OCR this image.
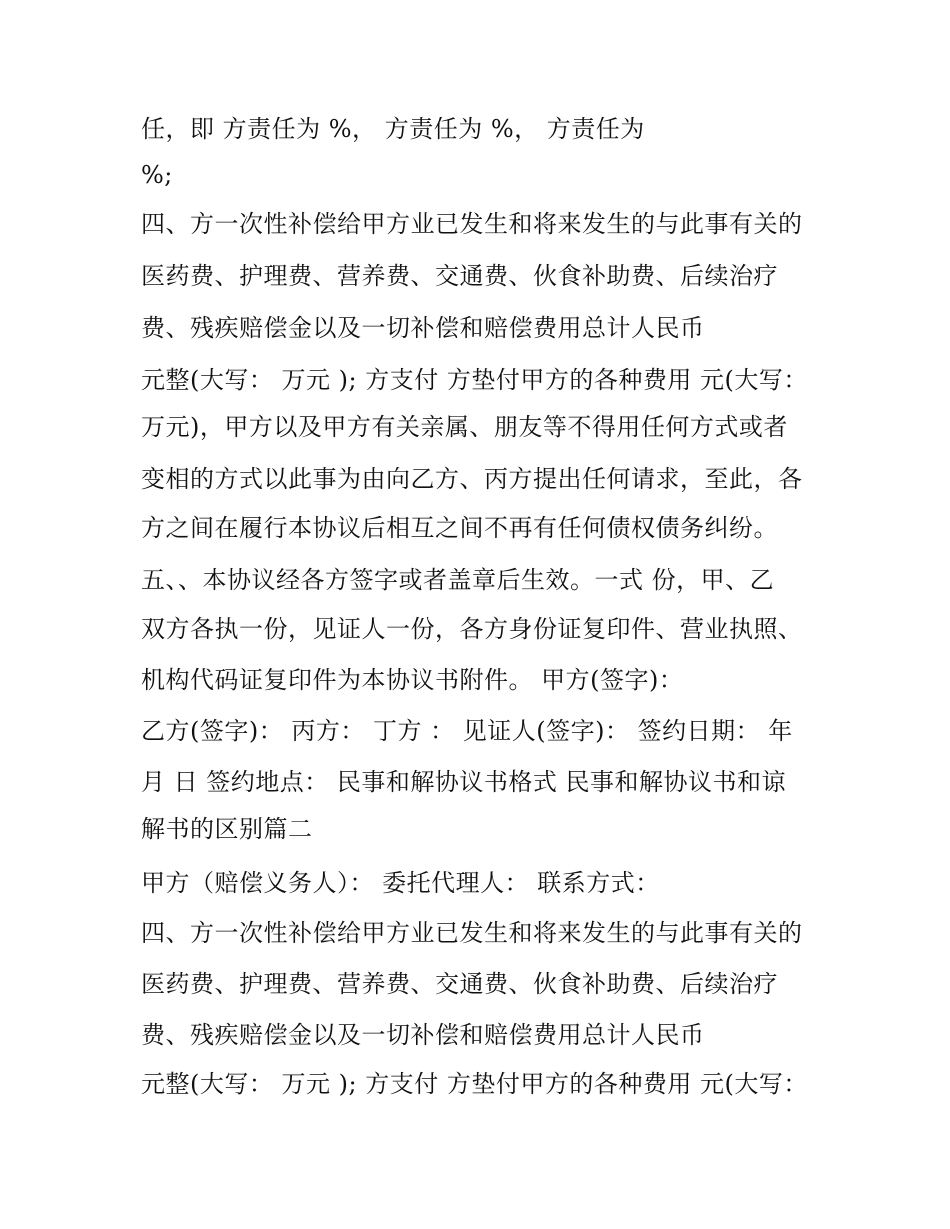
任，即 方责任为 %， 方责任为 %， 方责任为
%;
四、方一次性补偿给甲方业已发生和将来发生的与此事有关的
医药费、护理费、营养费、交通费、伙食补助费、后续治疗
费、残疾赔偿金以及一切补偿和赔偿费用总计人民币
元整(大写： 万元 ); 方支付 方垫付甲方的各种费用 元(大写：
万元)，甲方以及甲方有关亲属、朋友等不得用任何方式或者
变相的方式以此事为由向乙方、丙方提出任何请求，至此，各
方之间在履行本协议后相互之间不再有任何债权债务纠纷。
五、、本协议经各方签字或者盖章后生效。一式 份，甲、乙
双方各执一份，见证人一份，各方身份证复印件、营业执照、
机构代码证复印件为本协议书附件。 甲方(签字)：
乙方(签字)： 丙方： 丁方 ： 见证人(签字)： 签约日期： 年
月 日 签约地点： 民事和解协议书格式 民事和解协议书和谅
解书的区别篇二
甲方（赔偿义务人）： 委托代理人： 联系方式：
四、方一次性补偿给甲方业已发生和将来发生的与此事有关的
医药费、护理费、营养费、交通费、伙食补助费、后续治疗
费、残疾赔偿金以及一切补偿和赔偿费用总计人民币
元整(大写： 万元 ); 方支付 方垫付甲方的各种费用 元(大写：
